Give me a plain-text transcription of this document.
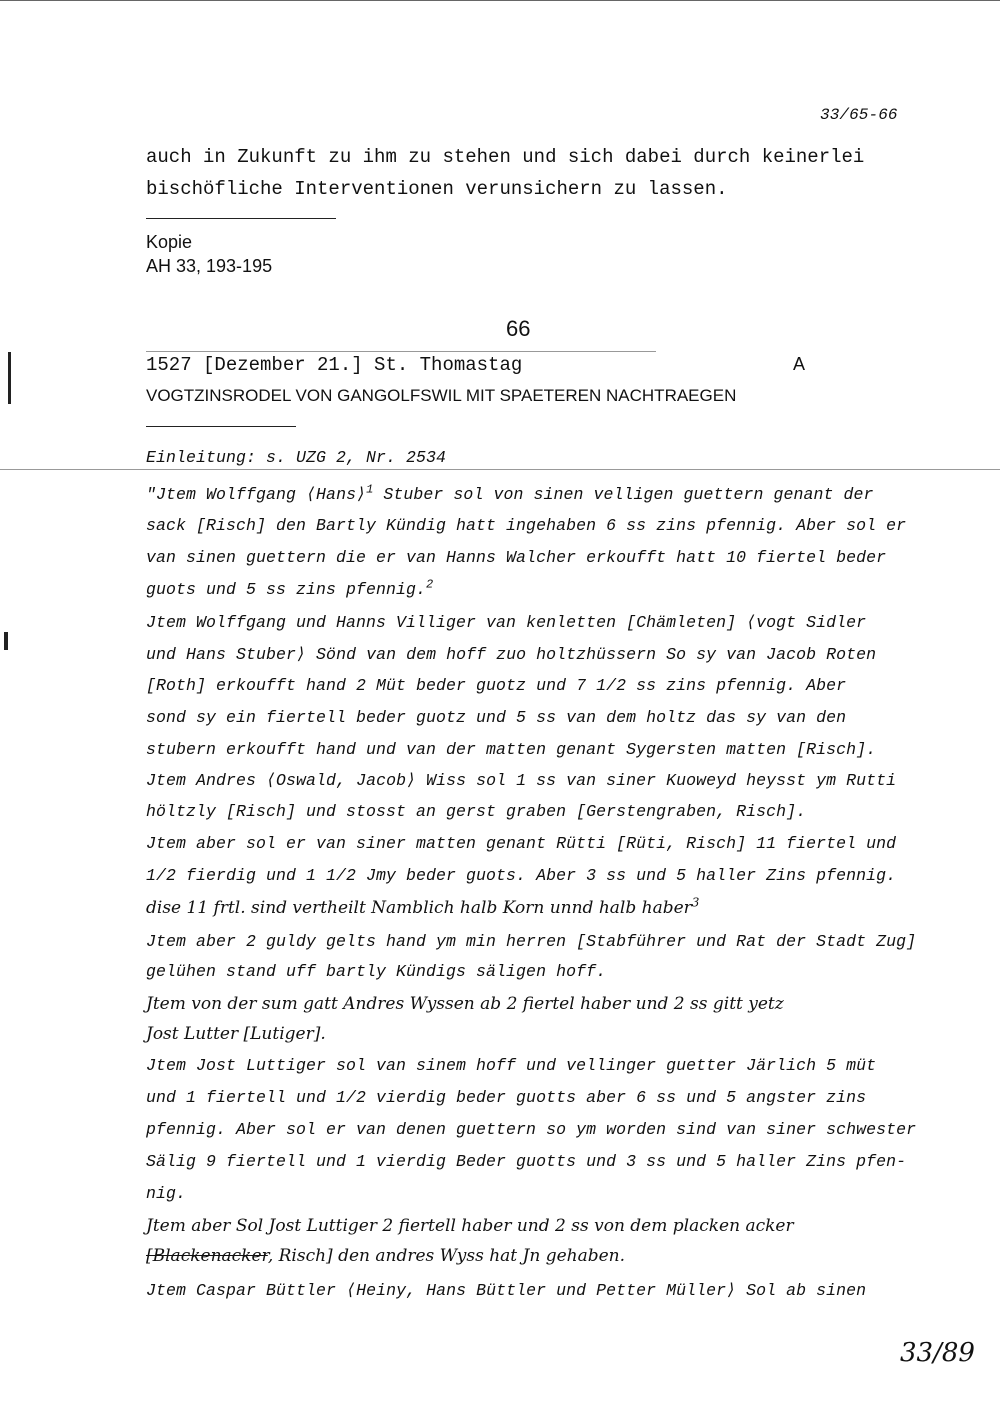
33/65-66
auch in Zukunft zu ihm zu stehen und sich dabei durch keinerlei
bischöfliche Interventionen verunsichern zu lassen.
Kopie
AH 33, 193-195
66
1527 [Dezember 21.] St. Thomastag	A
VOGTZINSRODEL VON GANGOLFSWIL MIT SPAETEREN NACHTRAEGEN
Einleitung: s. UZG 2, Nr. 2534
"Jtem Wolffgang ⟨Hans⟩$^1$ Stuber sol von sinen velligen guettern genant der
sack [Risch] den Bartly Kündig hatt ingehaben 6 ss zins pfennig. Aber sol er
van sinen guettern die er van Hanns Walcher erkoufft hatt 10 fiertel beder
guots und 5 ss zins pfennig.$^2$
Jtem Wolffgang und Hanns Villiger van kenletten [Chämleten] ⟨vogt Sidler
und Hans Stuber⟩ Sönd van dem hoff zuo holtzhüssern So sy van Jacob Roten
[Roth] erkoufft hand 2 Müt beder guotz und 7 1/2 ss zins pfennig. Aber
sond sy ein fiertell beder guotz und 5 ss van dem holtz das sy van den
stubern erkoufft hand und van der matten genant Sygersten matten [Risch].
Jtem Andres ⟨Oswald, Jacob⟩ Wiss sol 1 ss van siner Kuoweyd heysst ym Rutti
höltzly [Risch] und stosst an gerst graben [Gerstengraben, Risch].
Jtem aber sol er van siner matten genant Rütti [Rüti, Risch] 11 fiertel und
1/2 fierdig und 1 1/2 Jmy beder guots. Aber 3 ss und 5 haller Zins pfennig.
dise 11 frtl. sind vertheilt Namblich halb Korn unnd halb haber$^3$
Jtem aber 2 guldy gelts hand ym min herren [Stabführer und Rat der Stadt Zug]
gelühen stand uff bartly Kündigs säligen hoff.
Jtem von der sum gatt Andres Wyssen ab 2 fiertel haber und 2 ss gitt yetz
Jost Lutter [Lutiger].
Jtem Jost Luttiger sol van sinem hoff und vellinger guetter Järlich 5 müt
und 1 fiertell und 1/2 vierdig beder guotts aber 6 ss und 5 angster zins
pfennig. Aber sol er van denen guettern so ym worden sind van siner schwester
Sälig 9 fiertell und 1 vierdig Beder guotts und 3 ss und 5 haller Zins pfen-
nig.
Jtem aber Sol Jost Luttiger 2 fiertell haber und 2 ss von dem placken acker
[Blackenacker, Risch] den andres Wyss hat Jn gehaben.
Jtem Caspar Büttler ⟨Heiny, Hans Büttler und Petter Müller⟩ Sol ab sinen
33/89
